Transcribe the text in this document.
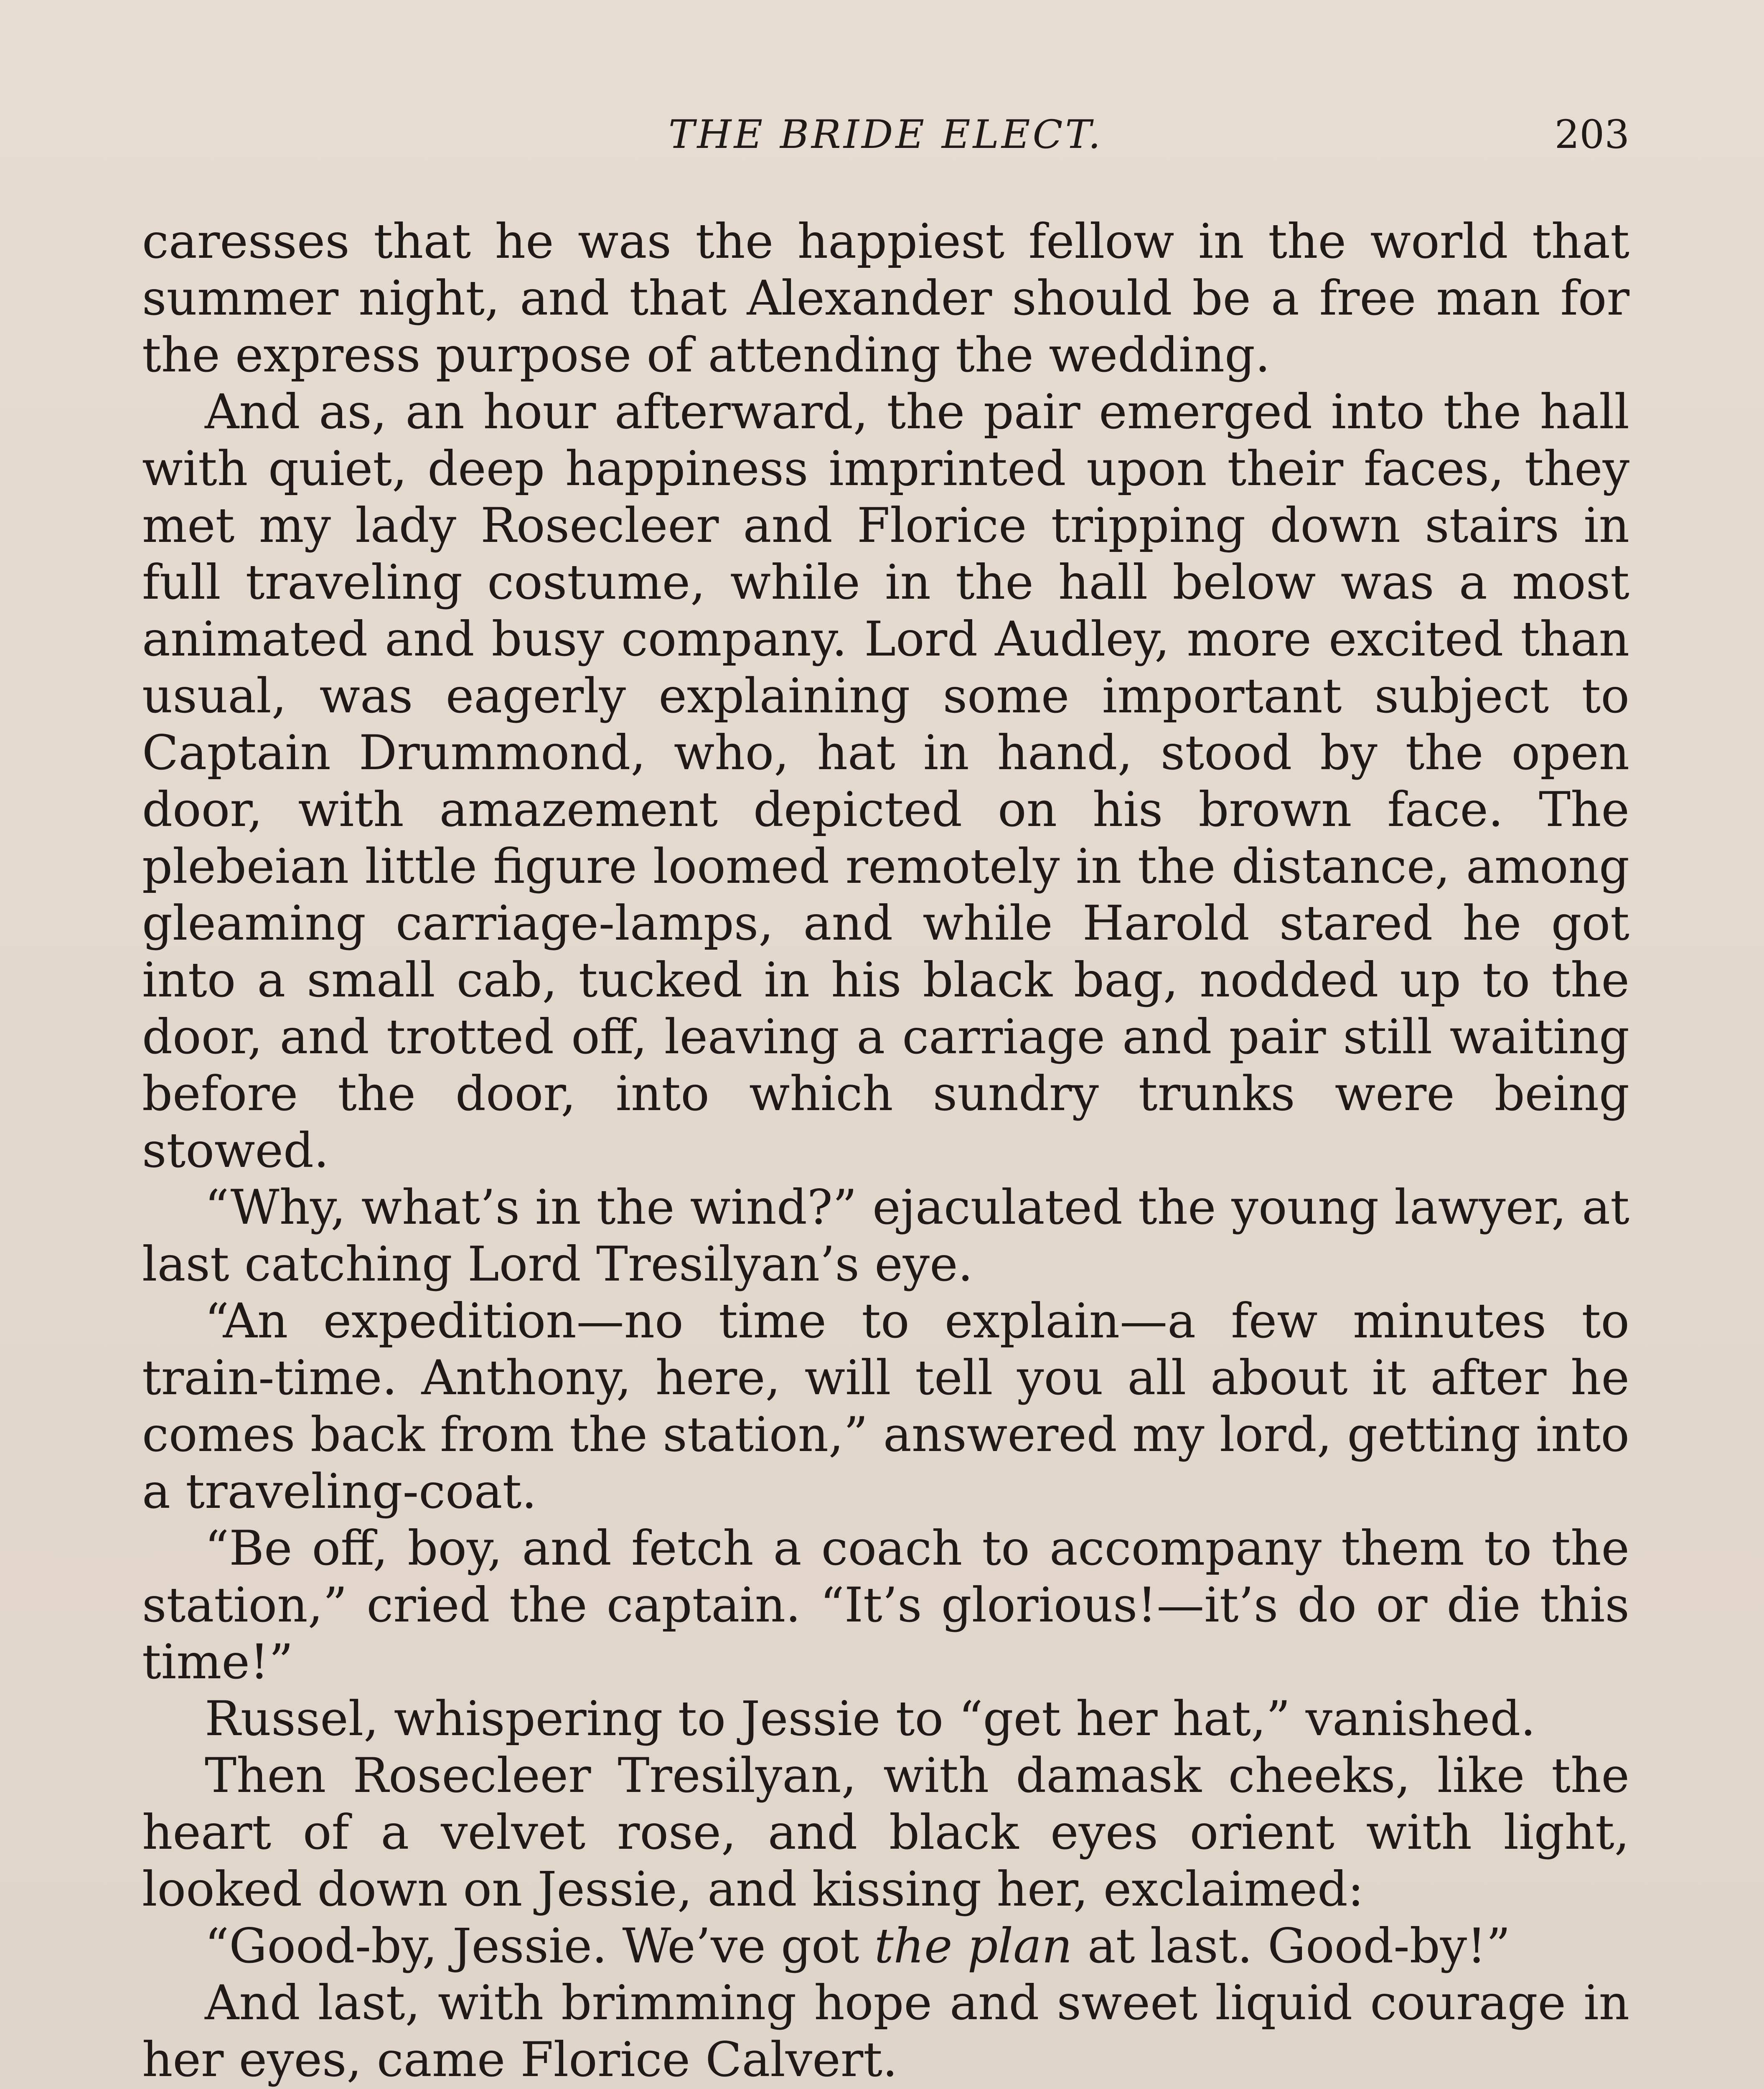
THE BRIDE ELECT.	203

caresses that he was the happiest fellow in the world that summer night, and that Alexander should be a free man for the express purpose of attending the wedding.

And as, an hour afterward, the pair emerged into the hall with quiet, deep happiness imprinted upon their faces, they met my lady Rosecleer and Florice tripping down stairs in full traveling costume, while in the hall below was a most animated and busy company. Lord Audley, more excited than usual, was eagerly explaining some important subject to Captain Drummond, who, hat in hand, stood by the open door, with amazement depicted on his brown face. The plebeian little figure loomed remotely in the distance, among gleaming carriage-lamps, and while Harold stared he got into a small cab, tucked in his black bag, nodded up to the door, and trotted off, leaving a carriage and pair still waiting before the door, into which sundry trunks were being stowed.

“Why, what’s in the wind?” ejaculated the young lawyer, at last catching Lord Tresilyan’s eye.

“An expedition—no time to explain—a few minutes to train-time. Anthony, here, will tell you all about it after he comes back from the station,” answered my lord, getting into a traveling-coat.

“Be off, boy, and fetch a coach to accompany them to the station,” cried the captain. “It’s glorious!—it’s do or die this time!”

Russel, whispering to Jessie to “get her hat,” vanished.

Then Rosecleer Tresilyan, with damask cheeks, like the heart of a velvet rose, and black eyes orient with light, looked down on Jessie, and kissing her, exclaimed:

“Good-by, Jessie. We’ve got the plan at last. Good-by!”

And last, with brimming hope and sweet liquid courage in her eyes, came Florice Calvert.
